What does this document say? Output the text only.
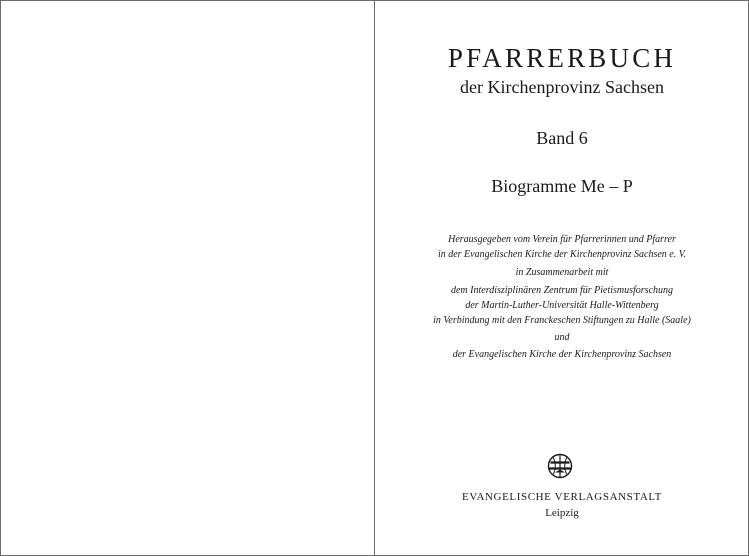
PFARRERBUCH
der Kirchenprovinz Sachsen
Band 6
Biogramme Me – P
Herausgegeben vom Verein für Pfarrerinnen und Pfarrer
in der Evangelischen Kirche der Kirchenprovinz Sachsen e. V.
in Zusammenarbeit mit
dem Interdisziplinären Zentrum für Pietismusforschung
der Martin-Luther-Universität Halle-Wittenberg
in Verbindung mit den Franckeschen Stiftungen zu Halle (Saale)
und
der Evangelischen Kirche der Kirchenprovinz Sachsen
EVANGELISCHE VERLAGSANSTALT
Leipzig
